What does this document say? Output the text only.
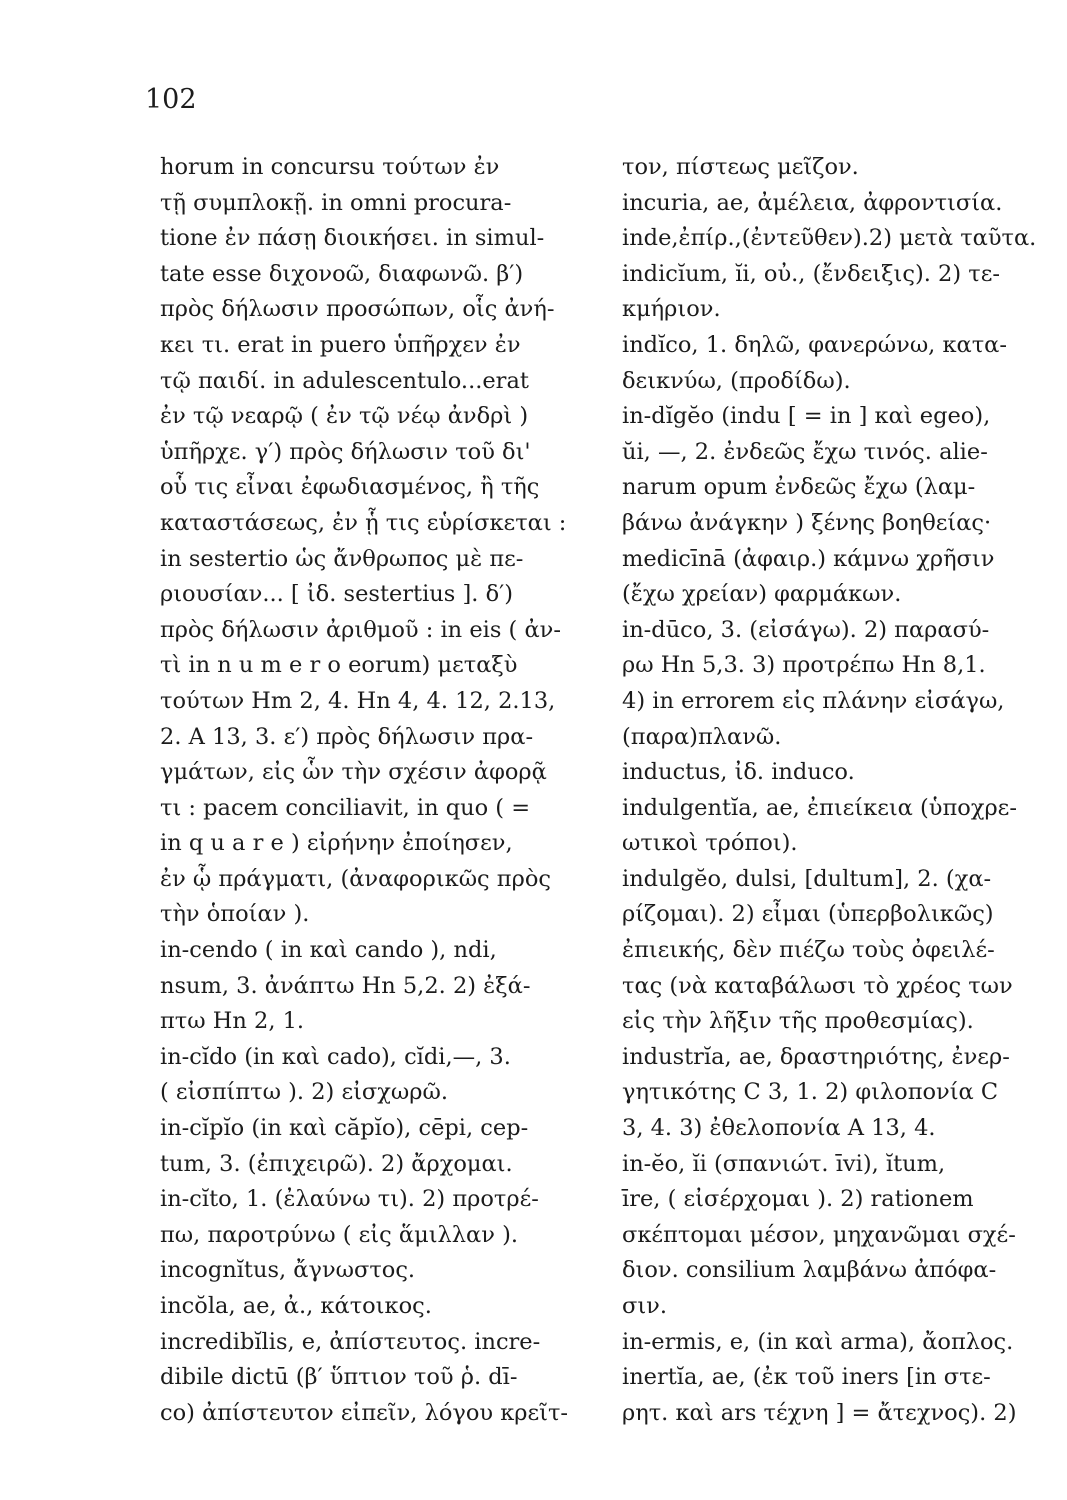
102
horum in concursu τούτων ἐν
τῇ συμπλοκῇ. in omni procura-
tione ἐν πάσῃ διοικήσει. in simul-
tate esse διχονοῶ, διαφωνῶ. β′)
πρὸς δήλωσιν προσώπων, οἷς ἀνή-
κει τι. erat in puero ὑπῆρχεν ἐν
τῷ παιδί. in adulescentulo...erat
ἐν τῷ νεαρῷ ( ἐν τῷ νέῳ ἀνδρὶ )
ὑπῆρχε. γ′) πρὸς δήλωσιν τοῦ δι'
οὗ τις εἶναι ἐφωδιασμένος, ἢ τῆς
καταστάσεως, ἐν ᾗ τις εὑρίσκεται :
in sestertio ὡς ἄνθρωπος μὲ πε-
ριουσίαν... [ ἰδ. sestertius ]. δ′)
πρὸς δήλωσιν ἀριθμοῦ : in eis ( ἀν-
τὶ in n u m e r o eorum) μεταξὺ
τούτων Hm 2, 4. Hn 4, 4. 12, 2.13,
2. A 13, 3. ε′) πρὸς δήλωσιν πρα-
γμάτων, εἰς ὧν τὴν σχέσιν ἀφορᾷ
τι : pacem conciliavit, in quo ( =
in q u a r e ) εἰρήνην ἐποίησεν,
ἐν ᾧ πράγματι, (ἀναφορικῶς πρὸς
τὴν ὁποίαν ).
in-cendo ( in καὶ cando ), ndi,
nsum, 3. ἀνάπτω Hn 5,2. 2) ἐξά-
πτω Hn 2, 1.
in-cĭdo (in καὶ cado), cĭdi,—, 3.
( εἰσπίπτω ). 2) εἰσχωρῶ.
in-cĭpĭo (in καὶ căpĭo), cēpi, cep-
tum, 3. (ἐπιχειρῶ). 2) ἄρχομαι.
in-cĭto, 1. (ἐλαύνω τι). 2) προτρέ-
πω, παροτρύνω ( εἰς ἅμιλλαν ).
incognĭtus, ἄγνωστος.
incŏla, ae, ἀ., κάτοικος.
incredibĭlis, e, ἀπίστευτος. incre-
dibile dictū (β′ ὕπτιον τοῦ ῥ. dī-
co) ἀπίστευτον εἰπεῖν, λόγου κρεῖτ-
τον, πίστεως μεῖζον.
incuria, ae, ἀμέλεια, ἀφροντισία.
inde,ἐπίρ.,(ἐντεῦθεν).2) μετὰ ταῦτα.
indicĭum, ĭi, οὐ., (ἔνδειξις). 2) τε-
κμήριον.
indĭco, 1. δηλῶ, φανερώνω, κατα-
δεικνύω, (προδίδω).
in-dĭgĕo (indu [ = in ] καὶ egeo),
ŭi, —, 2. ἐνδεῶς ἔχω τινός. alie-
narum opum ἐνδεῶς ἔχω (λαμ-
βάνω ἀνάγκην ) ξένης βοηθείας·
medicīnā (ἀφαιρ.) κάμνω χρῆσιν
(ἔχω χρείαν) φαρμάκων.
in-dūco, 3. (εἰσάγω). 2) παρασύ-
ρω Hn 5,3. 3) προτρέπω Hn 8,1.
4) in errorem εἰς πλάνην εἰσάγω,
(παρα)πλανῶ.
inductus, ἰδ. induco.
indulgentĭa, ae, ἐπιείκεια (ὑποχρε-
ωτικοὶ τρόποι).
indulgĕo, dulsi, [dultum], 2. (χα-
ρίζομαι). 2) εἶμαι (ὑπερβολικῶς)
ἐπιεικής, δὲν πιέζω τοὺς ὀφειλέ-
τας (νὰ καταβάλωσι τὸ χρέος των
εἰς τὴν λῆξιν τῆς προθεσμίας).
industrĭa, ae, δραστηριότης, ἐνερ-
γητικότης C 3, 1. 2) φιλοπονία C
3, 4. 3) ἐθελοπονία A 13, 4.
in-ĕo, ĭi (σπανιώτ. īvi), ĭtum,
īre, ( εἰσέρχομαι ). 2) rationem
σκέπτομαι μέσον, μηχανῶμαι σχέ-
διον. consilium λαμβάνω ἀπόφα-
σιν.
in-ermis, e, (in καὶ arma), ἄοπλος.
inertĭa, ae, (ἐκ τοῦ iners [in στε-
ρητ. καὶ ars τέχνη ] = ἄτεχνος). 2)
